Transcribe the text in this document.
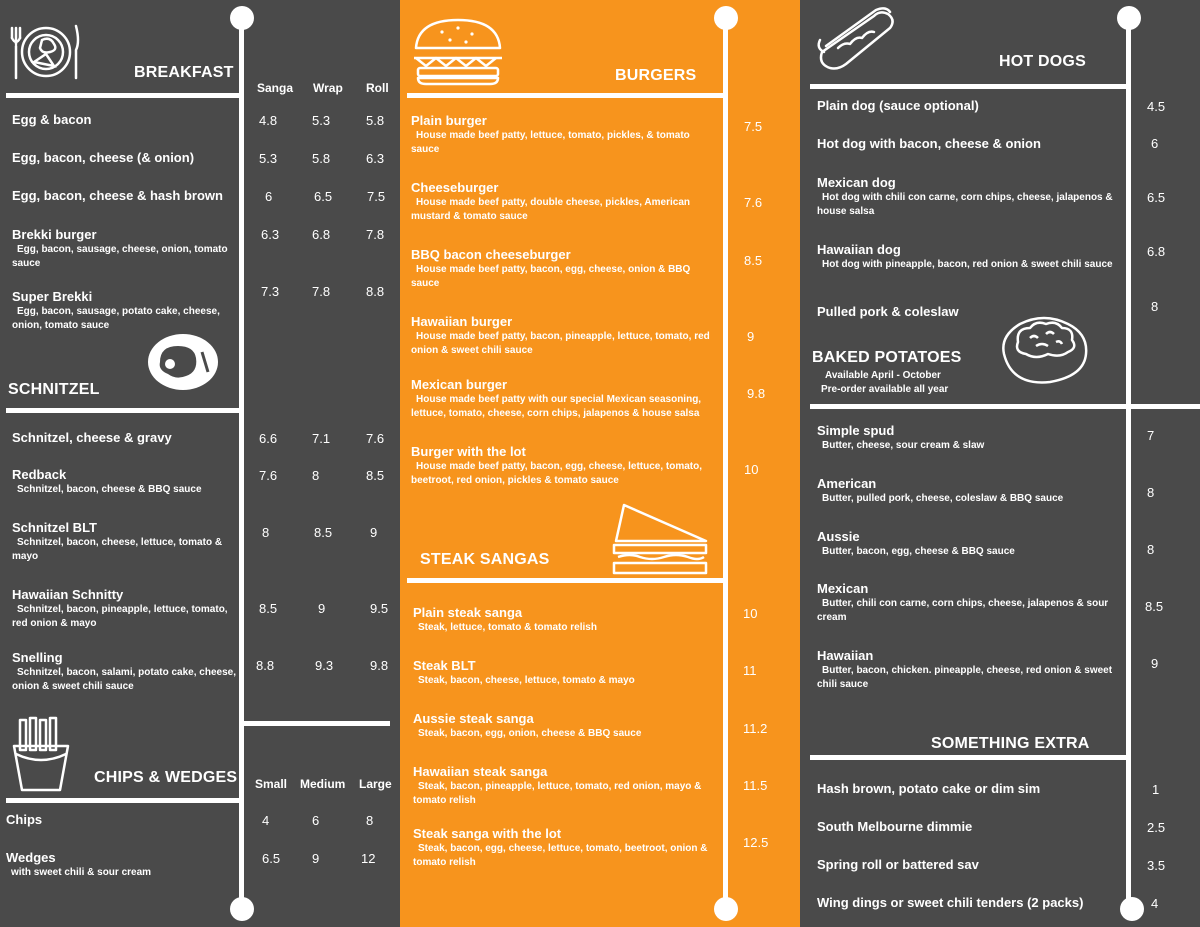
BREAKFAST
Sanga Wrap Roll
Egg & bacon	4.8	5.3	5.8
Egg, bacon, cheese (& onion)	5.3	5.8	6.3
Egg, bacon, cheese & hash brown	6	6.5	7.5
Brekki burger
Egg, bacon, sausage, cheese, onion, tomato sauce
6.3	6.8	7.8
Super Brekki
Egg, bacon, sausage, potato cake, cheese, onion, tomato sauce
7.3	7.8	8.8
SCHNITZEL
Schnitzel, cheese & gravy	6.6	7.1	7.6
Redback
Schnitzel, bacon, cheese & BBQ sauce
7.6	8	8.5
Schnitzel BLT
Schnitzel, bacon, cheese, lettuce, tomato & mayo
8	8.5	9
Hawaiian Schnitty
Schnitzel, bacon, pineapple, lettuce, tomato, red onion & mayo
8.5	9	9.5
Snelling
Schnitzel, bacon, salami, potato cake, cheese, onion & sweet chili sauce
8.8	9.3	9.8
CHIPS & WEDGES Small Medium Large
Chips	4	6	8
Wedges
with sweet chili & sour cream
6.5 9	12
BURGERS
Plain burger
House made beef patty, lettuce, tomato, pickles, & tomato sauce
7.5
Cheeseburger
House made beef patty, double cheese, pickles, American mustard & tomato sauce
7.6
BBQ bacon cheeseburger
House made beef patty, bacon, egg, cheese, onion & BBQ sauce
8.5
Hawaiian burger
House made beef patty, bacon, pineapple, lettuce, tomato, red onion & sweet chili sauce
9
Mexican burger
House made beef patty with our special Mexican seasoning, lettuce, tomato, cheese, corn chips, jalapenos & house salsa
9.8
Burger with the lot
House made beef patty, bacon, egg, cheese, lettuce, tomato, beetroot, red onion, pickles & tomato sauce
10
STEAK SANGAS
Plain steak sanga
Steak, lettuce, tomato & tomato relish
10
Steak BLT
Steak, bacon, cheese, lettuce, tomato & mayo
11
Aussie steak sanga
Steak, bacon, egg, onion, cheese & BBQ sauce	11.2
Hawaiian steak sanga
Steak, bacon, pineapple, lettuce, tomato, red onion, mayo & tomato relish
11.5
Steak sanga with the lot
Steak, bacon, egg, cheese, lettuce, tomato, beetroot, onion & tomato relish
12.5
HOT DOGS
Plain dog (sauce optional)	4.5
Hot dog with bacon, cheese & onion	6
Mexican dog
Hot dog with chili con carne, corn chips, cheese, jalapenos & house salsa
6.5
Hawaiian dog
Hot dog with pineapple, bacon, red onion & sweet chili sauce
6.8
Pulled pork & coleslaw	8
BAKED POTATOES
Available April - October
Pre-order available all year
Simple spud
Butter, cheese, sour cream & slaw
7
American
Butter, pulled pork, cheese, coleslaw & BBQ sauce	8
Aussie
Butter, bacon, egg, cheese & BBQ sauce	8
Mexican
Butter, chili con carne, corn chips, cheese, jalapenos & sour cream
8.5
Hawaiian
Butter, bacon, chicken. pineapple, cheese, red onion & sweet chili sauce
9
SOMETHING EXTRA
Hash brown, potato cake or dim sim	1
South Melbourne dimmie	2.5
Spring roll or battered sav	3.5
Wing dings or sweet chili tenders (2 packs)	4
